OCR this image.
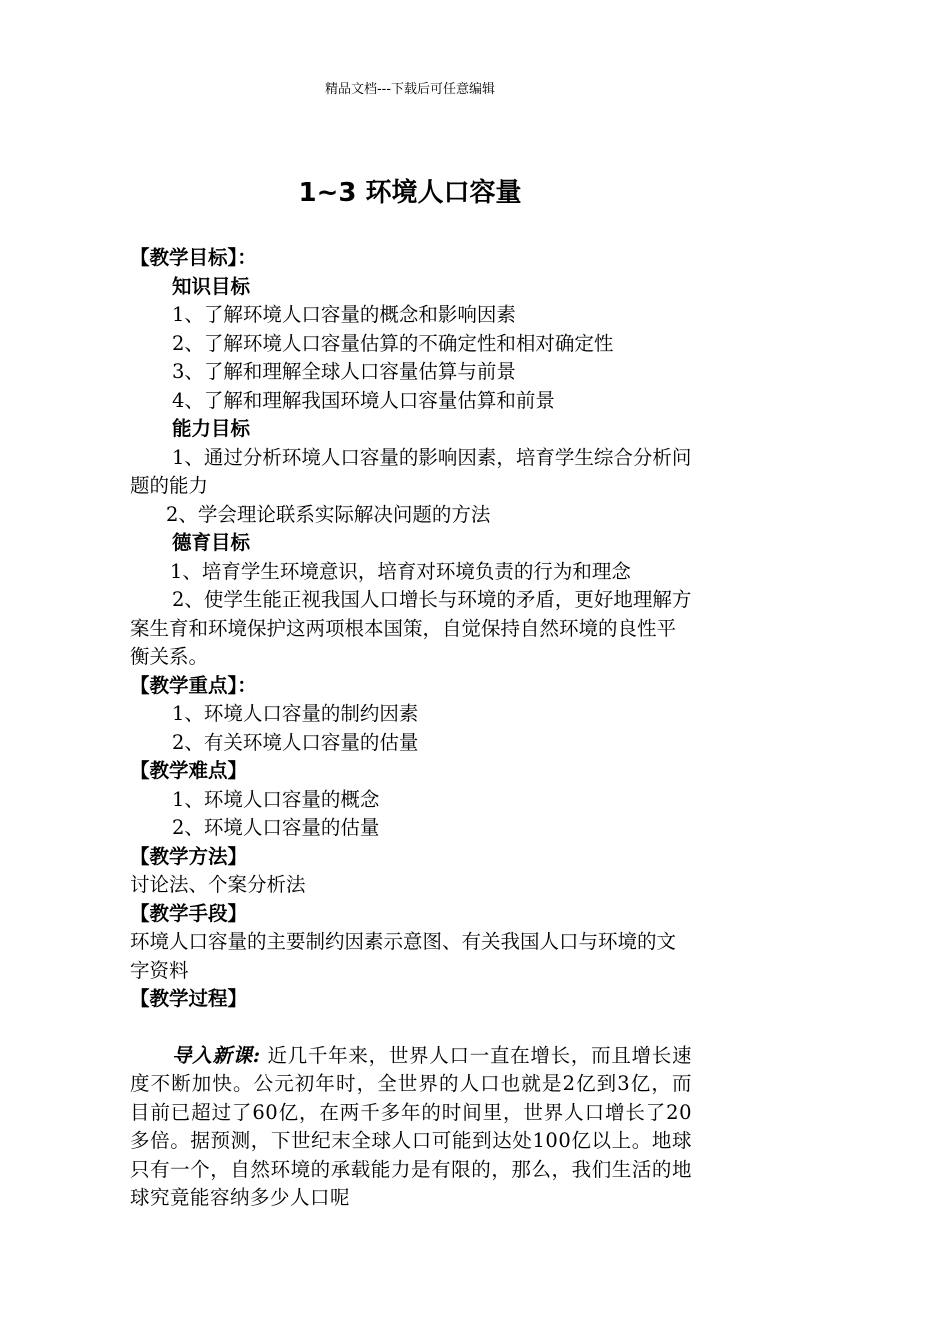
精品文档---下载后可任意编辑
1~3 环境人口容量
【教学目标】：
知识目标
1、了解环境人口容量的概念和影响因素
2、了解环境人口容量估算的不确定性和相对确定性
3、了解和理解全球人口容量估算与前景
4、了解和理解我国环境人口容量估算和前景
能力目标
1、通过分析环境人口容量的影响因素，培育学生综合分析问题的能力
2、学会理论联系实际解决问题的方法
德育目标
1、培育学生环境意识，培育对环境负责的行为和理念
2、使学生能正视我国人口增长与环境的矛盾，更好地理解方案生育和环境保护这两项根本国策，自觉保持自然环境的良性平衡关系。
【教学重点】：
1、环境人口容量的制约因素
2、有关环境人口容量的估量
【教学难点】
1、环境人口容量的概念
2、环境人口容量的估量
【教学方法】
讨论法、个案分析法
【教学手段】
环境人口容量的主要制约因素示意图、有关我国人口与环境的文字资料
【教学过程】
导入新课: 近几千年来，世界人口一直在增长，而且增长速度不断加快。公元初年时，全世界的人口也就是2亿到3亿，而目前已超过了60亿，在两千多年的时间里，世界人口增长了20多倍。据预测，下世纪末全球人口可能到达处100亿以上。地球只有一个，自然环境的承载能力是有限的，那么，我们生活的地球究竟能容纳多少人口呢
